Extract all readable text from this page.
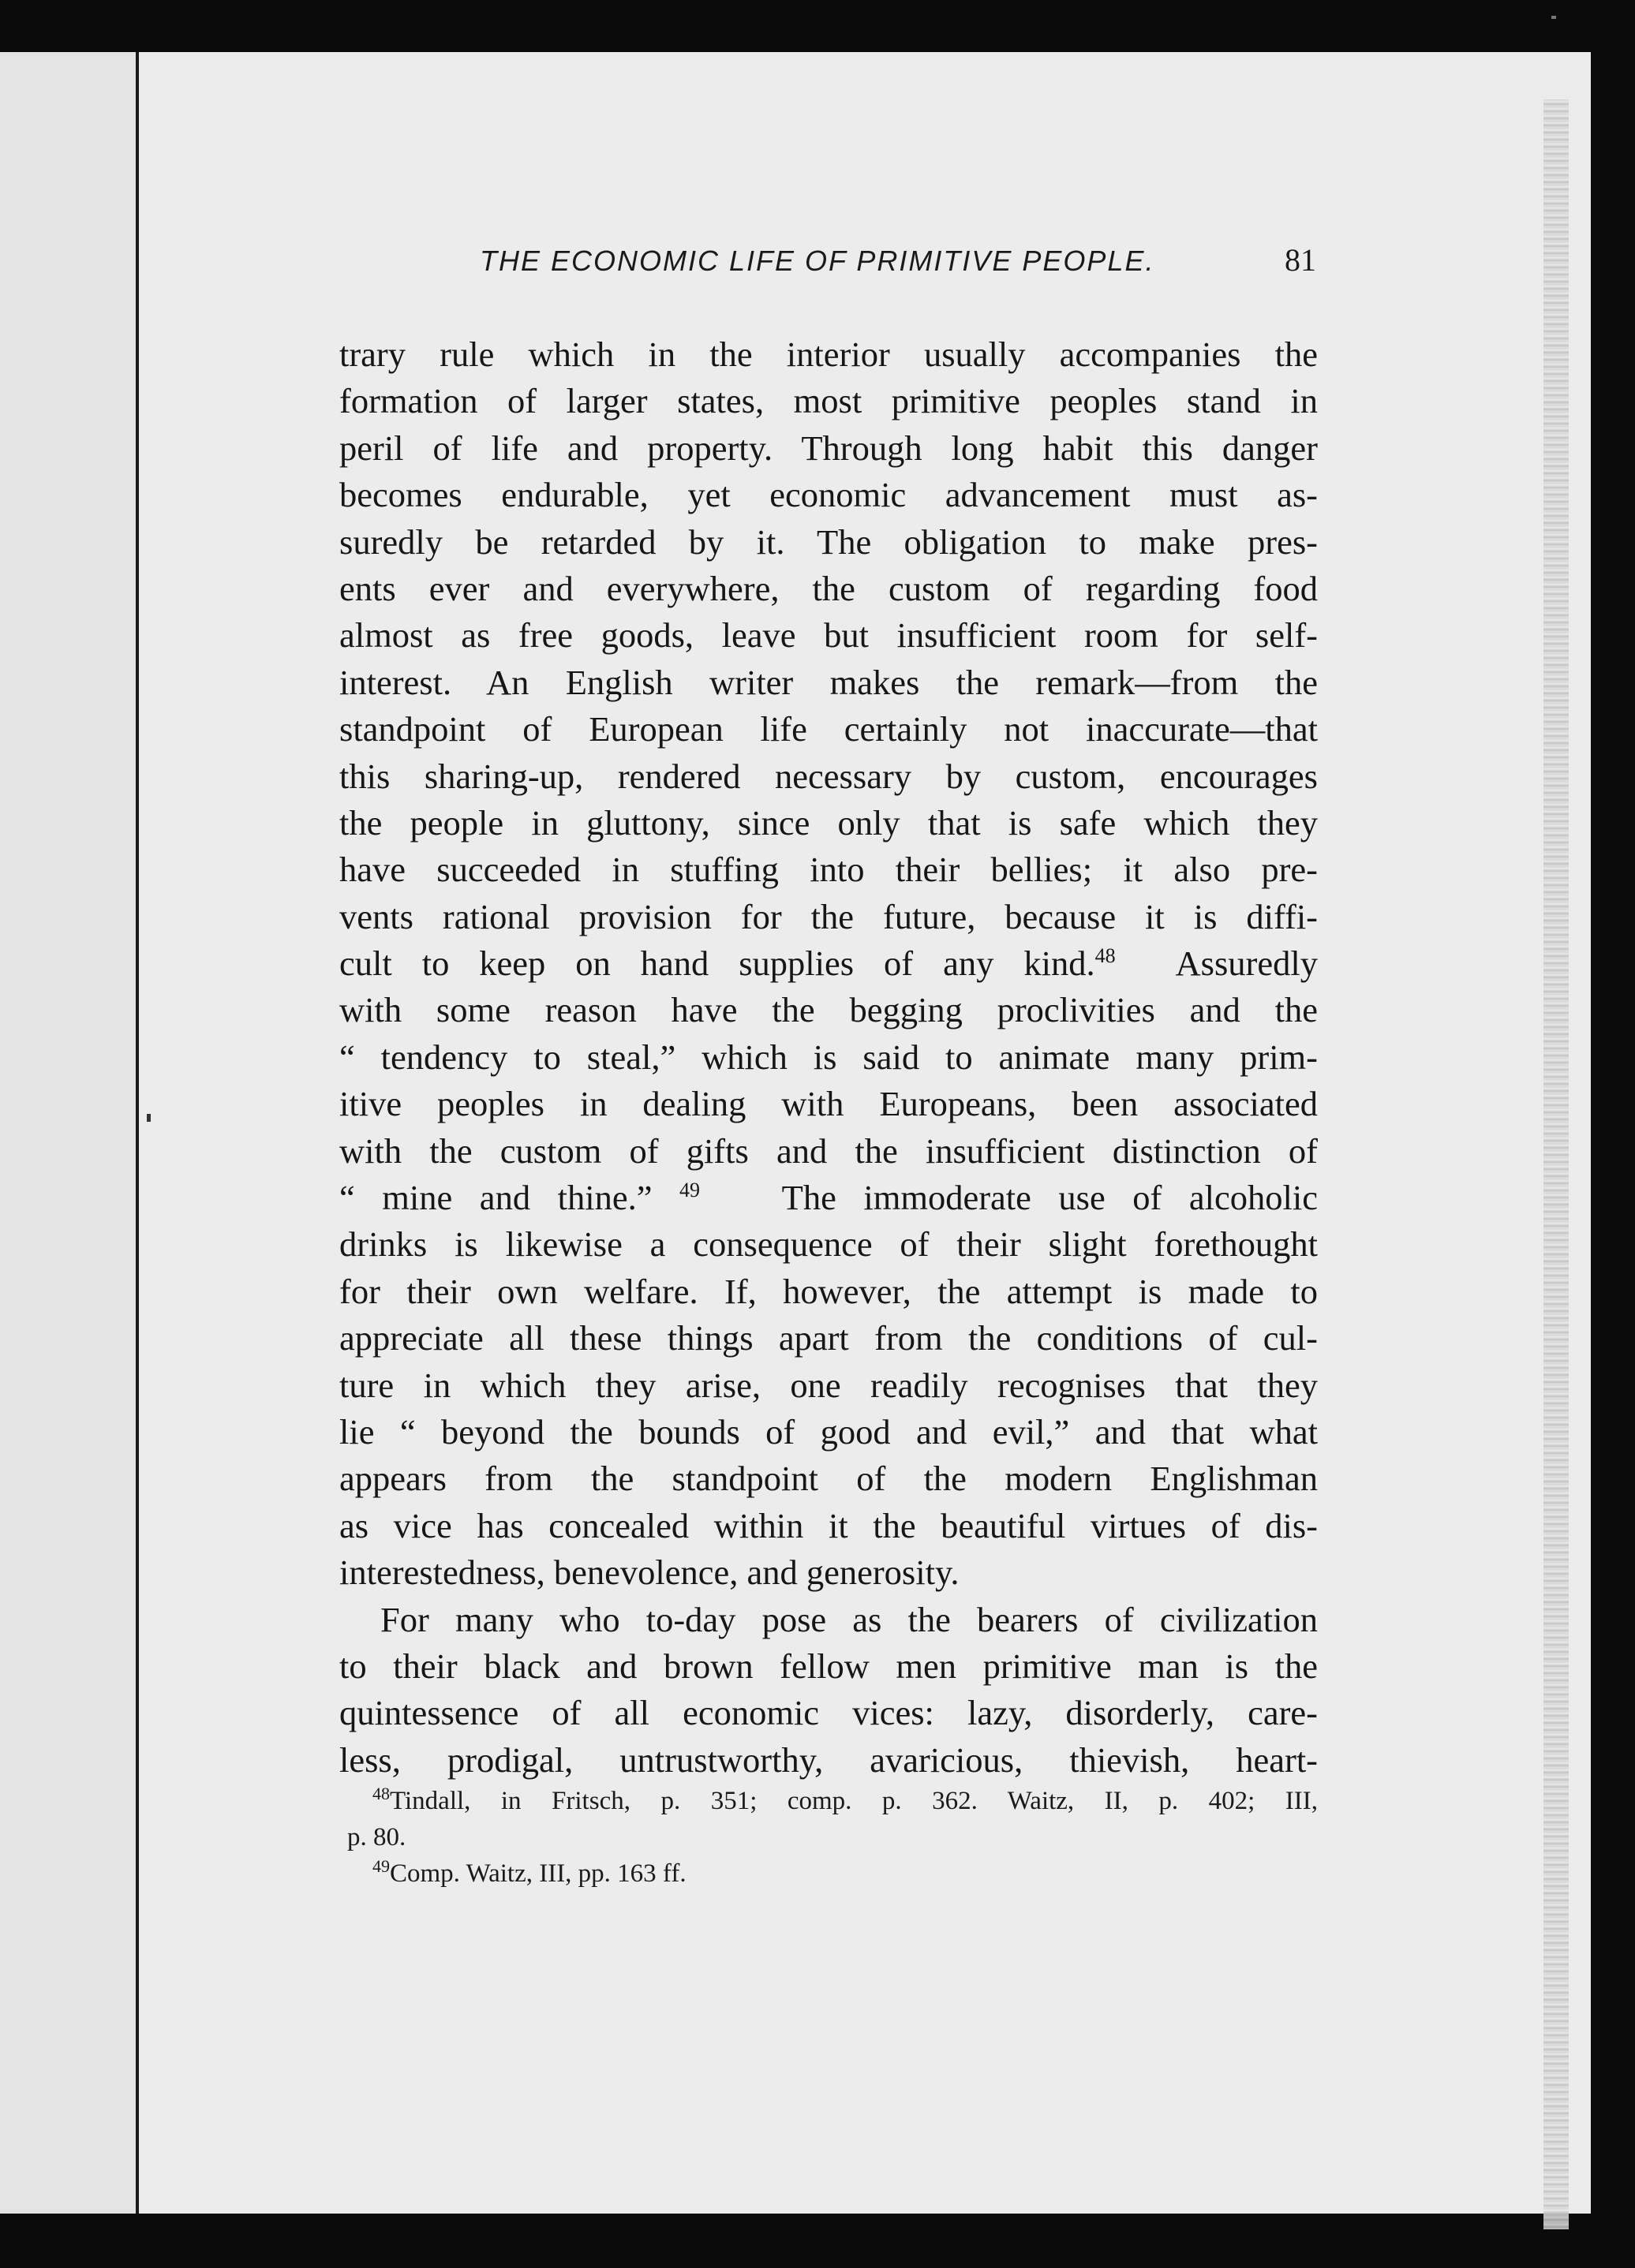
THE ECONOMIC LIFE OF PRIMITIVE PEOPLE.	81
trary rule which in the interior usually accompanies the
formation of larger states, most primitive peoples stand in
peril of life and property. Through long habit this danger
becomes endurable, yet economic advancement must as-
suredly be retarded by it. The obligation to make pres-
ents ever and everywhere, the custom of regarding food
almost as free goods, leave but insufficient room for self-
interest. An English writer makes the remark—from the
standpoint of European life certainly not inaccurate—that
this sharing-up, rendered necessary by custom, encourages
the people in gluttony, since only that is safe which they
have succeeded in stuffing into their bellies; it also pre-
vents rational provision for the future, because it is diffi-
cult to keep on hand supplies of any kind.$^{48}$ Assuredly
with some reason have the begging proclivities and the
“ tendency to steal,” which is said to animate many prim-
itive peoples in dealing with Europeans, been associated
with the custom of gifts and the insufficient distinction of
“ mine and thine.” $^{49}$ The immoderate use of alcoholic
drinks is likewise a consequence of their slight forethought
for their own welfare. If, however, the attempt is made to
appreciate all these things apart from the conditions of cul-
ture in which they arise, one readily recognises that they
lie “ beyond the bounds of good and evil,” and that what
appears from the standpoint of the modern Englishman
as vice has concealed within it the beautiful virtues of dis-
interestedness, benevolence, and generosity.
For many who to-day pose as the bearers of civilization
to their black and brown fellow men primitive man is the
quintessence of all economic vices: lazy, disorderly, care-
less, prodigal, untrustworthy, avaricious, thievish, heart-
$^{48}$Tindall, in Fritsch, p. 351; comp. p. 362. Waitz, II, p. 402; III,
p. 80.
$^{49}$Comp. Waitz, III, pp. 163 ff.
